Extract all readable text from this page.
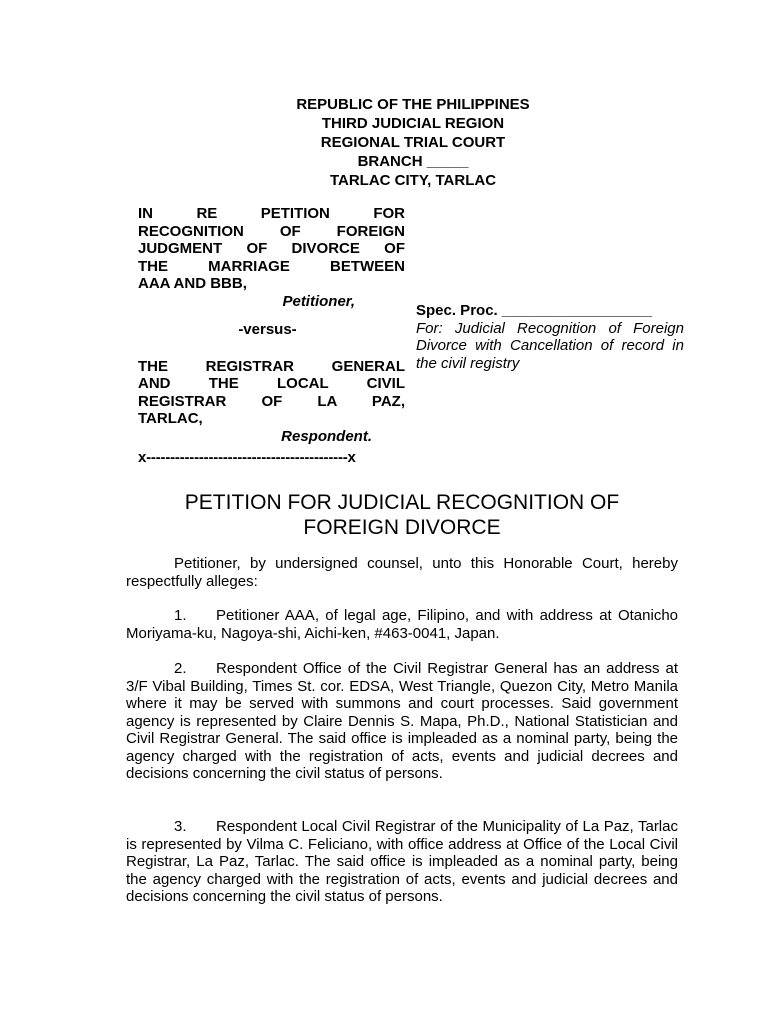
REPUBLIC OF THE PHILIPPINES
THIRD JUDICIAL REGION
REGIONAL TRIAL COURT
BRANCH _____
TARLAC CITY, TARLAC
IN RE PETITION FOR
RECOGNITION OF FOREIGN
JUDGMENT OF DIVORCE OF
THE MARRIAGE BETWEEN
AAA AND BBB,
Petitioner,
-versus-
THE REGISTRAR GENERAL
AND THE LOCAL CIVIL
REGISTRAR OF LA PAZ,
TARLAC,
Respondent.
x------------------------------------------x
Spec. Proc. __________________
For: Judicial Recognition of Foreign Divorce with Cancellation of record in the civil registry
PETITION FOR JUDICIAL RECOGNITION OF
FOREIGN DIVORCE
Petitioner, by undersigned counsel, unto this Honorable Court, hereby respectfully alleges:
1. Petitioner AAA, of legal age, Filipino, and with address at Otanicho Moriyama-ku, Nagoya-shi, Aichi-ken, #463-0041, Japan.
2. Respondent Office of the Civil Registrar General has an address at 3/F Vibal Building, Times St. cor. EDSA, West Triangle, Quezon City, Metro Manila where it may be served with summons and court processes. Said government agency is represented by Claire Dennis S. Mapa, Ph.D., National Statistician and Civil Registrar General. The said office is impleaded as a nominal party, being the agency charged with the registration of acts, events and judicial decrees and decisions concerning the civil status of persons.
3. Respondent Local Civil Registrar of the Municipality of La Paz, Tarlac is represented by Vilma C. Feliciano, with office address at Office of the Local Civil Registrar, La Paz, Tarlac. The said office is impleaded as a nominal party, being the agency charged with the registration of acts, events and judicial decrees and decisions concerning the civil status of persons.
